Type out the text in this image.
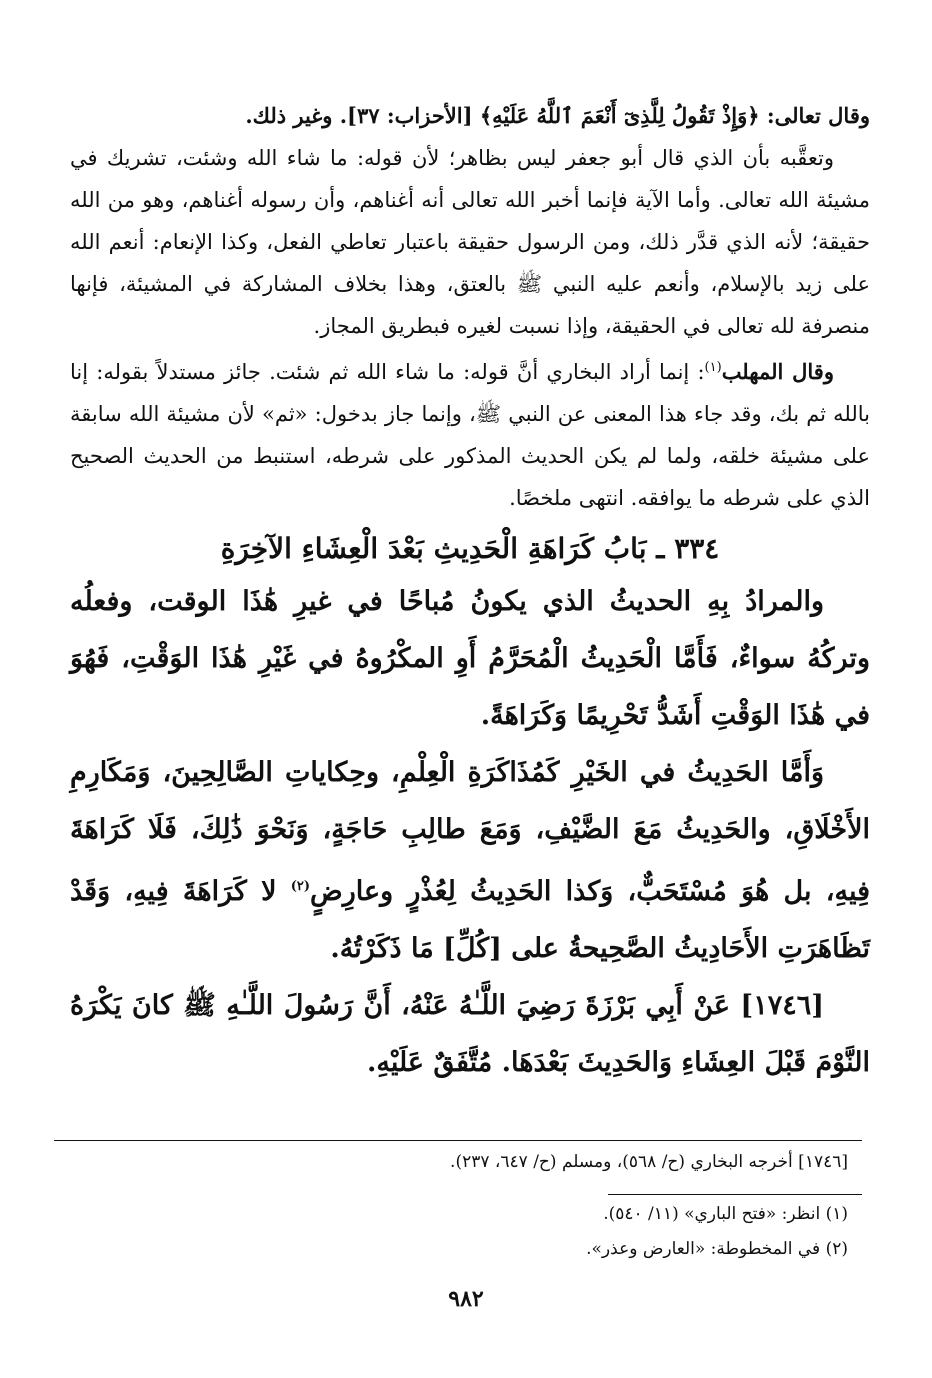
وقال تعالى: ﴿وَإِذْ تَقُولُ لِلَّذِىٓ أَنْعَمَ ٱللَّهُ عَلَيْهِ﴾ [الأحزاب: ٣٧]. وغير ذلك.

وتعقَّبه بأن الذي قال أبو جعفر ليس بظاهر؛ لأن قوله: ما شاء الله وشئت، تشريك في مشيئة الله تعالى. وأما الآية فإنما أخبر الله تعالى أنه أغناهم، وأن رسوله أغناهم، وهو من الله حقيقة؛ لأنه الذي قدَّر ذلك، ومن الرسول حقيقة باعتبار تعاطي الفعل، وكذا الإنعام: أنعم الله على زيد بالإسلام، وأنعم عليه النبي ﷺ بالعتق، وهذا بخلاف المشاركة في المشيئة، فإنها منصرفة لله تعالى في الحقيقة، وإذا نسبت لغيره فبطريق المجاز.

وقال المهلب$^{(١)}$: إنما أراد البخاري أنَّ قوله: ما شاء الله ثم شئت. جائز مستدلاً بقوله: إنا بالله ثم بك، وقد جاء هذا المعنى عن النبي ﷺ، وإنما جاز بدخول: «ثم» لأن مشيئة الله سابقة على مشيئة خلقه، ولما لم يكن الحديث المذكور على شرطه، استنبط من الحديث الصحيح الذي على شرطه ما يوافقه. انتهى ملخصًا.

٣٣٤ ـ بَابُ كَرَاهَةِ الْحَدِيثِ بَعْدَ الْعِشَاءِ الآخِرَةِ

والمرادُ بِهِ الحديثُ الذي يكونُ مُباحًا في غيرِ هَٰذَا الوقت، وفعلُه وتركُهُ سواءٌ، فَأَمَّا الْحَدِيثُ الْمُحَرَّمُ أَوِ المكْرُوهُ في غَيْرِ هَٰذَا الوَقْتِ، فَهُوَ في هَٰذَا الوَقْتِ أَشَدُّ تَحْرِيمًا وَكَرَاهَةً.

وَأَمَّا الحَدِيثُ في الخَيْرِ كَمُذَاكَرَةِ الْعِلْمِ، وحِكاياتِ الصَّالِحِينَ، وَمَكَارِمِ الأَخْلَاقِ، والحَدِيثُ مَعَ الضَّيْفِ، وَمَعَ طالِبِ حَاجَةٍ، وَنَحْوَ ذَٰلِكَ، فَلَا كَرَاهَةَ فِيهِ، بل هُوَ مُسْتَحَبٌّ، وَكذا الحَدِيثُ لِعُذْرٍ وعارِضٍ$^{(٢)}$ لا كَرَاهَةَ فِيهِ، وَقَدْ تَظَاهَرَتِ الأَحَادِيثُ الصَّحِيحةُ على [كُلِّ] مَا ذَكَرْتُهُ.

[١٧٤٦] عَنْ أَبِي بَرْزَةَ رَضِيَ اللَّـٰهُ عَنْهُ، أَنَّ رَسُولَ اللَّـٰهِ ﷺ كانَ يَكْرَهُ النَّوْمَ قَبْلَ العِشَاءِ وَالحَدِيثَ بَعْدَهَا. مُتَّفَقٌ عَلَيْهِ.

[١٧٤٦] أخرجه البخاري (ح/ ٥٦٨)، ومسلم (ح/ ٦٤٧، ٢٣٧).
(١) انظر: «فتح الباري» (١١/ ٥٤٠).
(٢) في المخطوطة: «العارض وعذر».
٩٨٢
